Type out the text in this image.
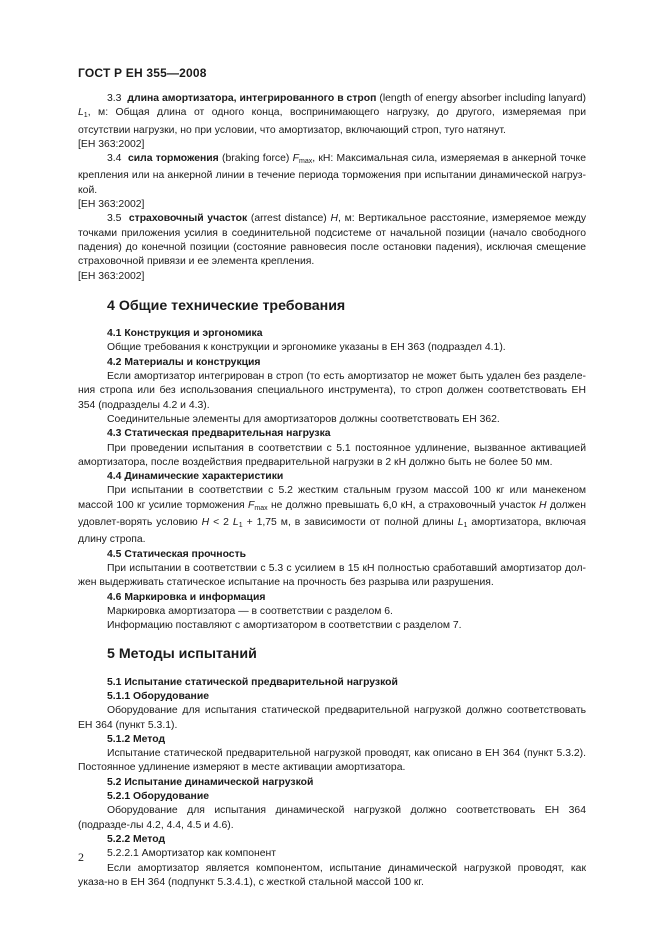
ГОСТ Р ЕН 355—2008

3.3 длина амортизатора, интегрированного в строп (length of energy absorber including lanyard) $L_1$, м: Общая длина от одного конца, воспринимающего нагрузку, до другого, измеряемая при отсутствии нагрузки, но при условии, что амортизатор, включающий строп, туго натянут.

[ЕН 363:2002]

3.4 сила торможения (braking force) $F_{max}$, кН: Максимальная сила, измеряемая в анкерной точке крепления или на анкерной линии в течение периода торможения при испытании динамической нагруз-кой.

[ЕН 363:2002]

3.5 страховочный участок (arrest distance) H, м: Вертикальное расстояние, измеряемое между точками приложения усилия в соединительной подсистеме от начальной позиции (начало свободного падения) до конечной позиции (состояние равновесия после остановки падения), исключая смещение страховочной привязи и ее элемента крепления.

[ЕН 363:2002]

4 Общие технические требования

4.1 Конструкция и эргономика

Общие требования к конструкции и эргономике указаны в ЕН 363 (подраздел 4.1).

4.2 Материалы и конструкция

Если амортизатор интегрирован в строп (то есть амортизатор не может быть удален без разделе-ния стропа или без использования специального инструмента), то строп должен соответствовать ЕН 354 (подразделы 4.2 и 4.3).

Соединительные элементы для амортизаторов должны соответствовать ЕН 362.

4.3 Статическая предварительная нагрузка

При проведении испытания в соответствии с 5.1 постоянное удлинение, вызванное активацией амортизатора, после воздействия предварительной нагрузки в 2 кН должно быть не более 50 мм.

4.4 Динамические характеристики

При испытании в соответствии с 5.2 жестким стальным грузом массой 100 кг или манекеном массой 100 кг усилие торможения $F_{max}$ не должно превышать 6,0 кН, а страховочный участок H должен удовлет-ворять условию H < 2 $L_1 + 1,75$ м, в зависимости от полной длины $L_1$ амортизатора, включая длину стропа.

4.5 Статическая прочность

При испытании в соответствии с 5.3 с усилием в 15 кН полностью сработавший амортизатор дол-жен выдерживать статическое испытание на прочность без разрыва или разрушения.

4.6 Маркировка и информация

Маркировка амортизатора — в соответствии с разделом 6.

Информацию поставляют с амортизатором в соответствии с разделом 7.

5 Методы испытаний

5.1 Испытание статической предварительной нагрузкой

5.1.1 Оборудование

Оборудование для испытания статической предварительной нагрузкой должно соответствовать ЕН 364 (пункт 5.3.1).

5.1.2 Метод

Испытание статической предварительной нагрузкой проводят, как описано в ЕН 364 (пункт 5.3.2). Постоянное удлинение измеряют в месте активации амортизатора.

5.2 Испытание динамической нагрузкой

5.2.1 Оборудование

Оборудование для испытания динамической нагрузкой должно соответствовать ЕН 364 (подразде-лы 4.2, 4.4, 4.5 и 4.6).

5.2.2 Метод

5.2.2.1 Амортизатор как компонент

Если амортизатор является компонентом, испытание динамической нагрузкой проводят, как указа-но в ЕН 364 (подпункт 5.3.4.1), с жесткой стальной массой 100 кг.

2
